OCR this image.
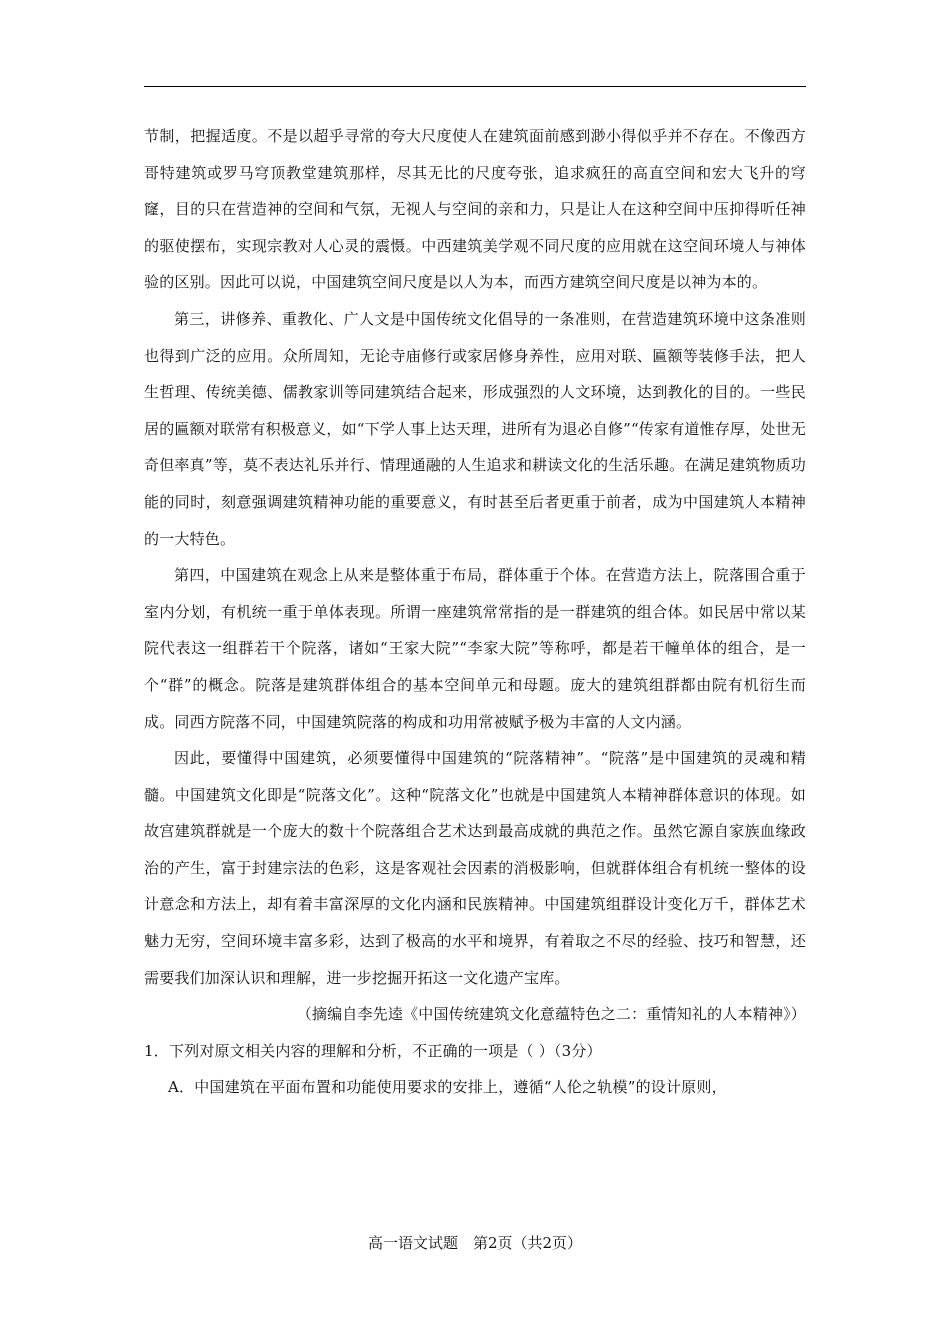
节制，把握适度。不是以超乎寻常的夸大尺度使人在建筑面前感到渺小得似乎并不存在。不像西方哥特建筑或罗马穹顶教堂建筑那样，尽其无比的尺度夸张，追求疯狂的高直空间和宏大飞升的穹窿，目的只在营造神的空间和气氛，无视人与空间的亲和力，只是让人在这种空间中压抑得听任神的驱使摆布，实现宗教对人心灵的震慑。中西建筑美学观不同尺度的应用就在这空间环境人与神体验的区别。因此可以说，中国建筑空间尺度是以人为本，而西方建筑空间尺度是以神为本的。

第三，讲修养、重教化、广人文是中国传统文化倡导的一条准则，在营造建筑环境中这条准则也得到广泛的应用。众所周知，无论寺庙修行或家居修身养性，应用对联、匾额等装修手法，把人生哲理、传统美德、儒教家训等同建筑结合起来，形成强烈的人文环境，达到教化的目的。一些民居的匾额对联常有积极意义，如“下学人事上达天理，进所有为退必自修”“传家有道惟存厚，处世无奇但率真”等，莫不表达礼乐并行、情理通融的人生追求和耕读文化的生活乐趣。在满足建筑物质功能的同时，刻意强调建筑精神功能的重要意义，有时甚至后者更重于前者，成为中国建筑人本精神的一大特色。

第四，中国建筑在观念上从来是整体重于布局，群体重于个体。在营造方法上，院落围合重于室内分划，有机统一重于单体表现。所谓一座建筑常常指的是一群建筑的组合体。如民居中常以某院代表这一组群若干个院落，诸如“王家大院”“李家大院”等称呼，都是若干幢单体的组合，是一个“群”的概念。院落是建筑群体组合的基本空间单元和母题。庞大的建筑组群都由院有机衍生而成。同西方院落不同，中国建筑院落的构成和功用常被赋予极为丰富的人文内涵。

因此，要懂得中国建筑，必须要懂得中国建筑的“院落精神”。“院落”是中国建筑的灵魂和精髓。中国建筑文化即是“院落文化”。这种“院落文化”也就是中国建筑人本精神群体意识的体现。如故宫建筑群就是一个庞大的数十个院落组合艺术达到最高成就的典范之作。虽然它源自家族血缘政治的产生，富于封建宗法的色彩，这是客观社会因素的消极影响，但就群体组合有机统一整体的设计意念和方法上，却有着丰富深厚的文化内涵和民族精神。中国建筑组群设计变化万千，群体艺术魅力无穷，空间环境丰富多彩，达到了极高的水平和境界，有着取之不尽的经验、技巧和智慧，还需要我们加深认识和理解，进一步挖掘开拓这一文化遗产宝库。

（摘编自李先逵《中国传统建筑文化意蕴特色之二：重情知礼的人本精神》）

1．下列对原文相关内容的理解和分析，不正确的一项是（ ）（3分）

A．中国建筑在平面布置和功能使用要求的安排上，遵循“人伦之轨模”的设计原则，

高一语文试题　第2页（共2页）
